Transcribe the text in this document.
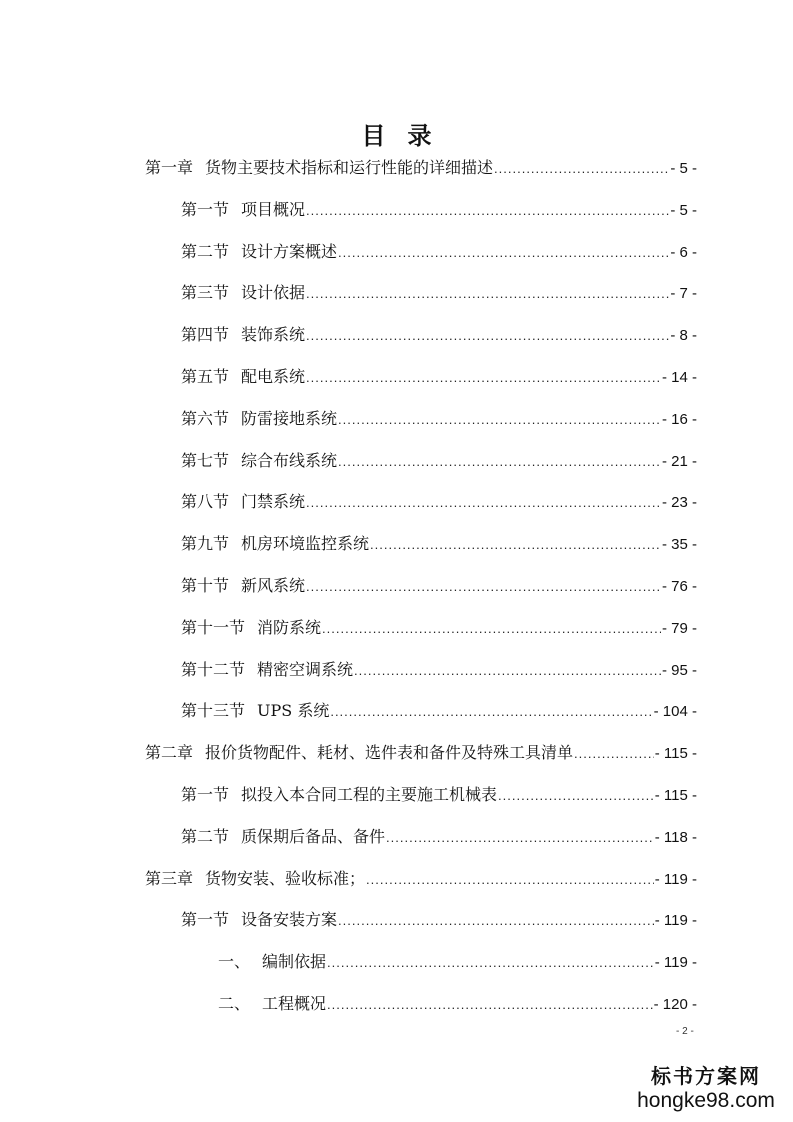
目录
第一章 货物主要技术指标和运行性能的详细描述 .....	- 5 -
第一节 项目概况 .....	- 5 -
第二节 设计方案概述 .....	- 6 -
第三节 设计依据 .....	- 7 -
第四节 装饰系统 .....	- 8 -
第五节 配电系统 .....	- 14 -
第六节 防雷接地系统 .....	- 16 -
第七节 综合布线系统 .....	- 21 -
第八节 门禁系统 .....	- 23 -
第九节 机房环境监控系统 .....	- 35 -
第十节 新风系统 .....	- 76 -
第十一节 消防系统 .....	- 79 -
第十二节 精密空调系统 .....	- 95 -
第十三节 UPS 系统 .....	- 104 -
第二章 报价货物配件、耗材、选件表和备件及特殊工具清单 .....	- 115 -
第一节 拟投入本合同工程的主要施工机械表 .....	- 115 -
第二节 质保期后备品、备件 .....	- 118 -
第三章 货物安装、验收标准； .....	- 119 -
第一节 设备安装方案 .....	- 119 -
一、 编制依据 .....	- 119 -
二、 工程概况 .....	- 120 -
- 2 -
标书方案网
hongke98.com
